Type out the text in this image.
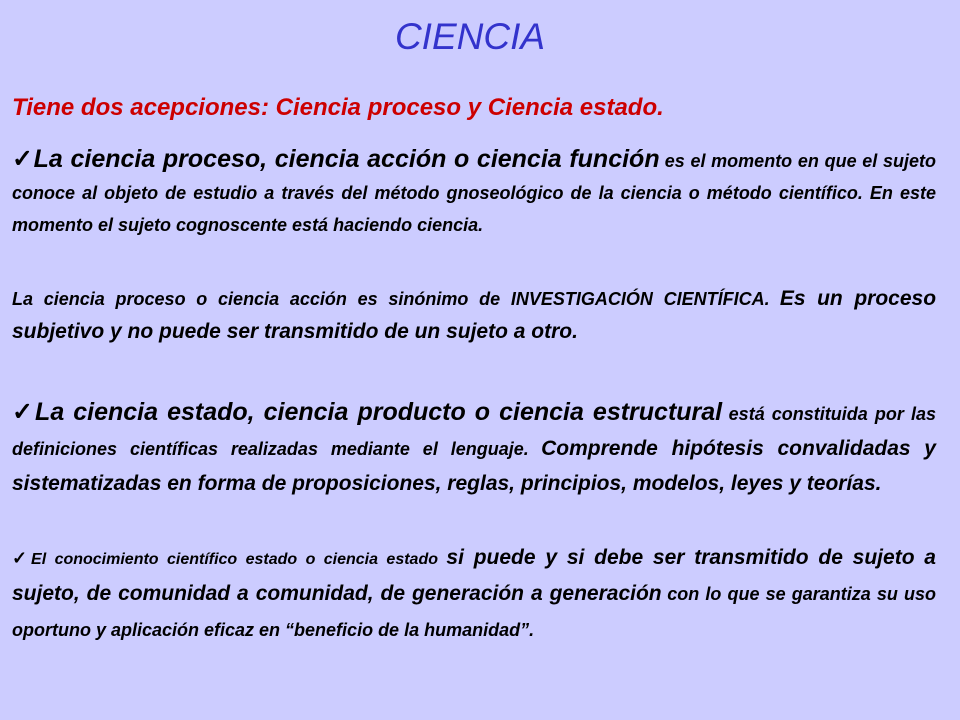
CIENCIA
Tiene dos acepciones: Ciencia proceso y Ciencia estado.
✓La ciencia proceso, ciencia acción o ciencia función es el momento en que el sujeto conoce al objeto de estudio a través del método gnoseológico de la ciencia o método científico. En este momento el sujeto cognoscente está haciendo ciencia.
La ciencia proceso o ciencia acción es sinónimo de INVESTIGACIÓN CIENTÍFICA. Es un proceso subjetivo y no puede ser transmitido de un sujeto a otro.
✓La ciencia estado, ciencia producto o ciencia estructural está constituida por las definiciones científicas realizadas mediante el lenguaje. Comprende hipótesis convalidadas y sistematizadas en forma de proposiciones, reglas, principios, modelos, leyes y teorías.
✓El conocimiento científico estado o ciencia estado si puede y si debe ser transmitido de sujeto a sujeto, de comunidad a comunidad, de generación a generación con lo que se garantiza su uso oportuno y aplicación eficaz en “beneficio de la humanidad”.
